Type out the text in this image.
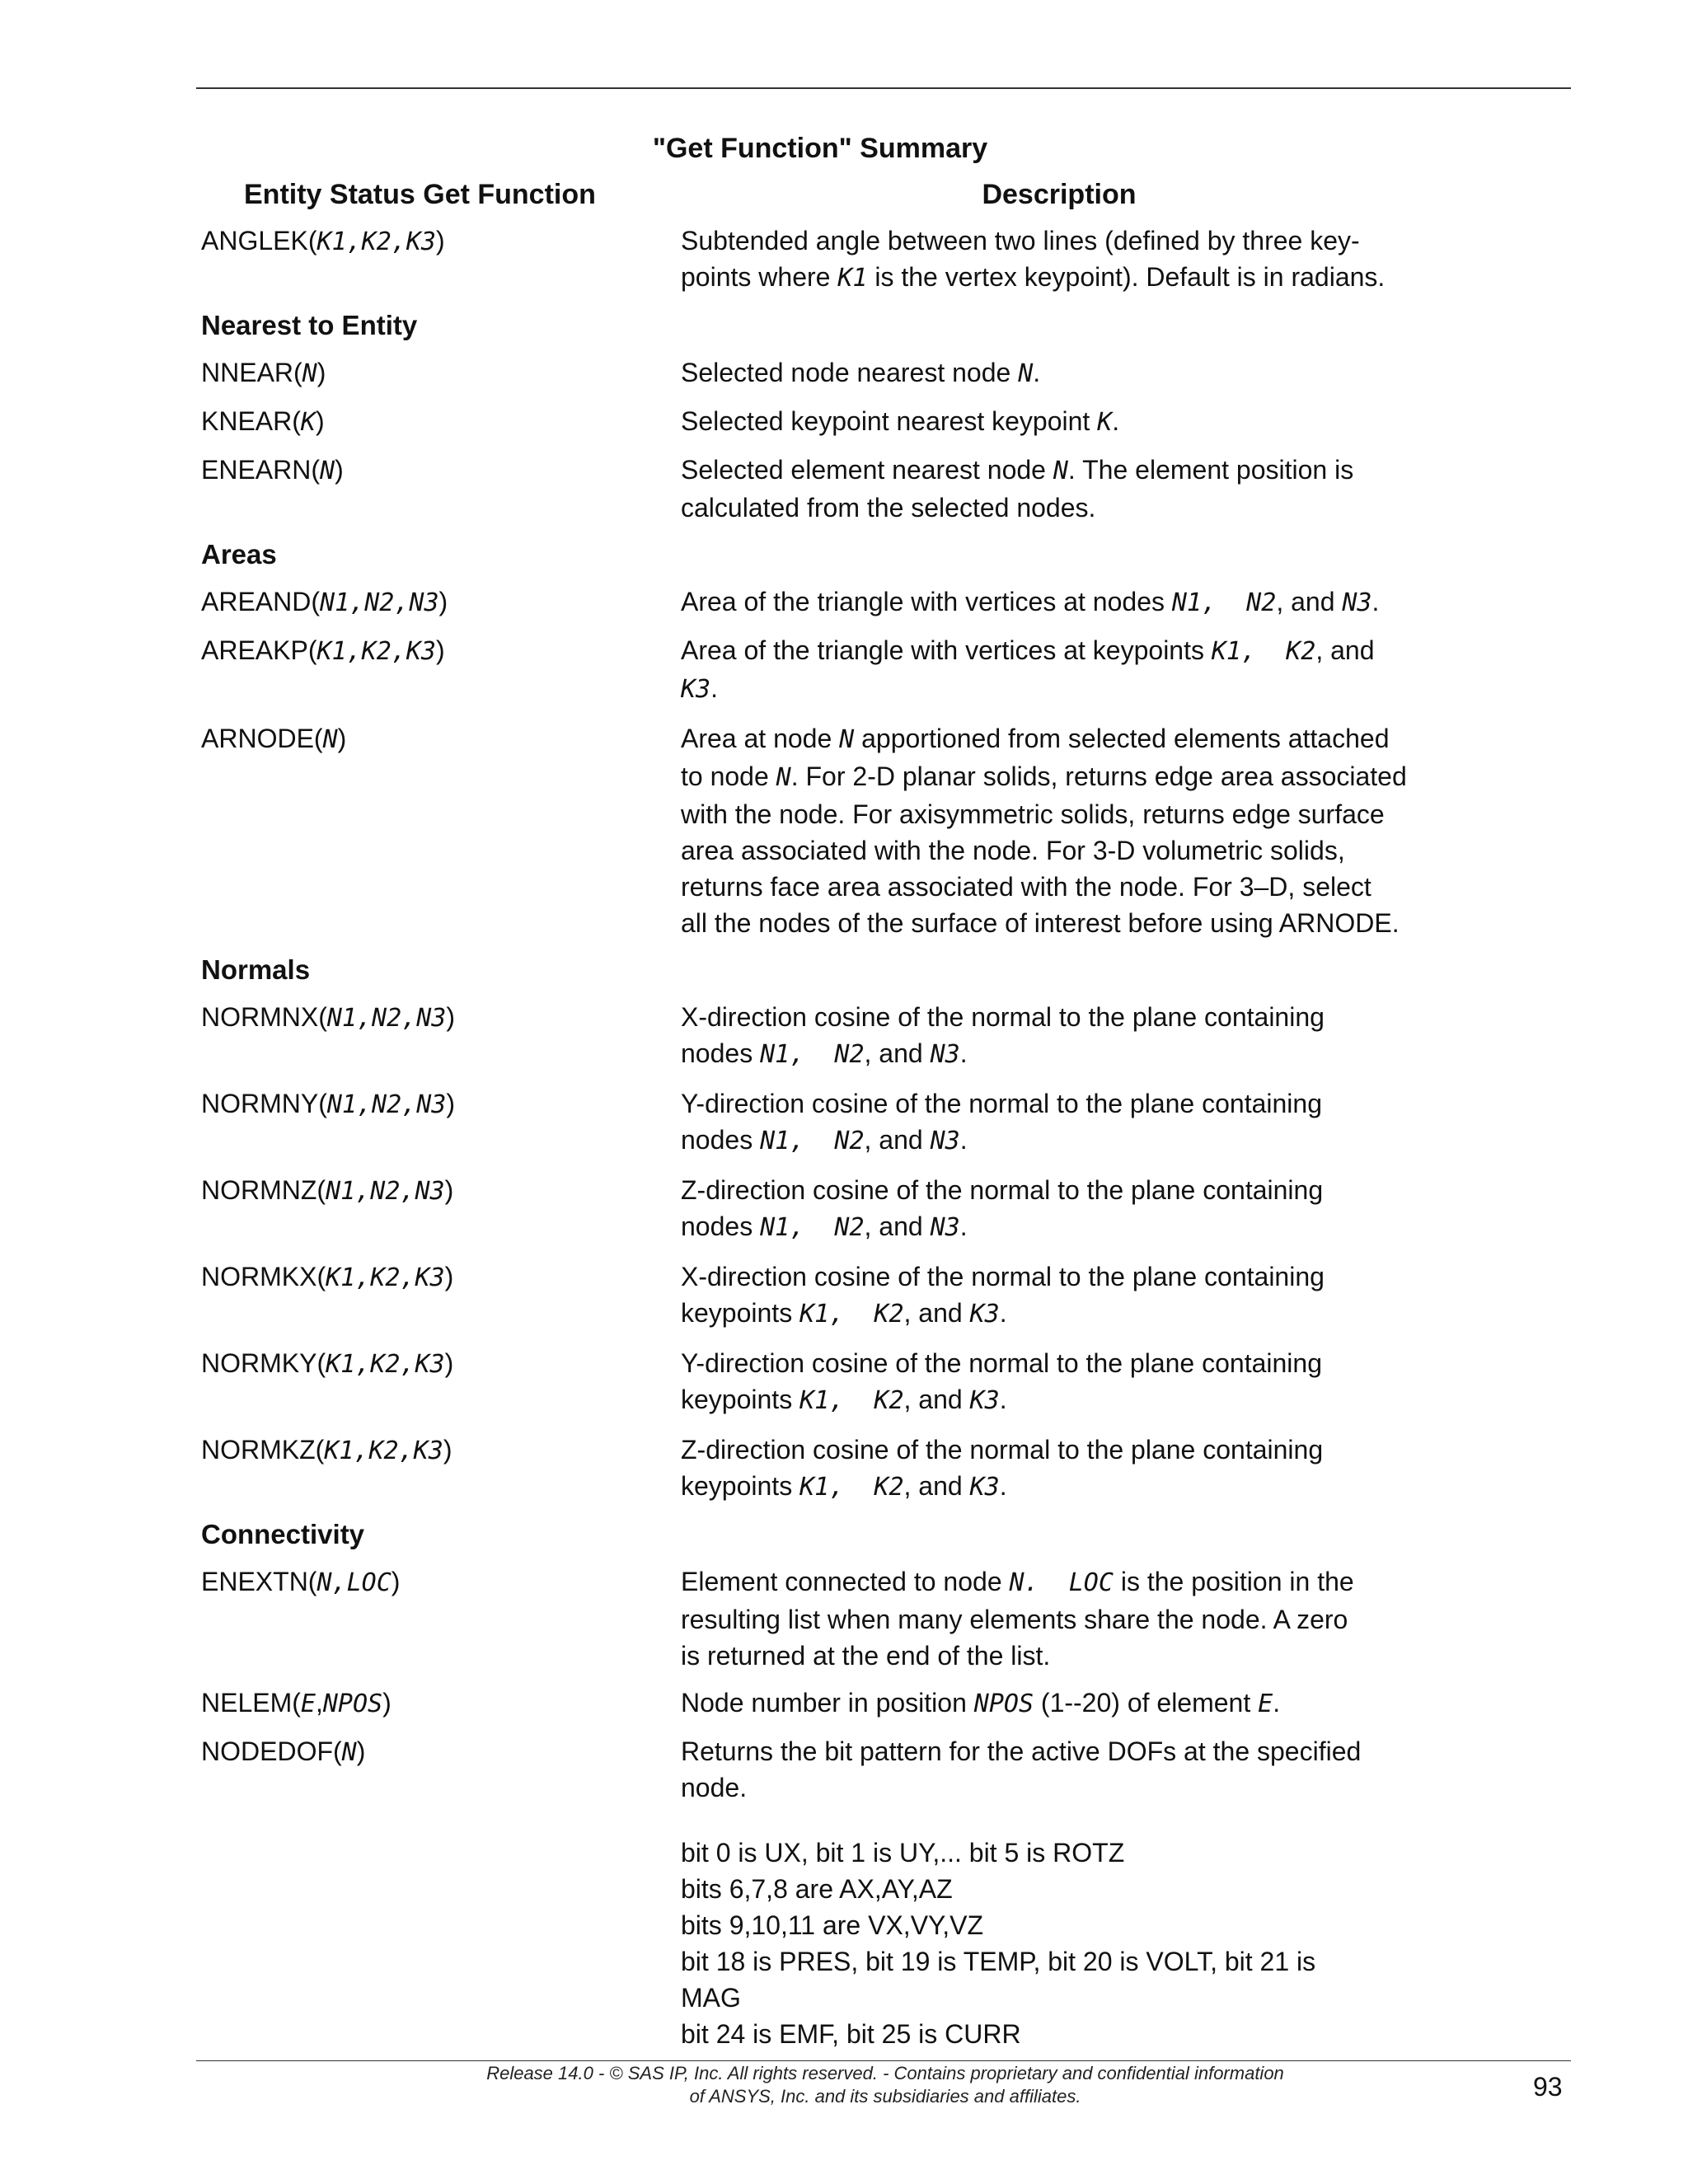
"Get Function" Summary
Entity Status Get Function	Description
ANGLEK(K1,K2,K3)	Subtended angle between two lines (defined by three key-
points where K1 is the vertex keypoint). Default is in radians.
Nearest to Entity
NNEAR(N)	Selected node nearest node N.
KNEAR(K)	Selected keypoint nearest keypoint K.
ENEARN(N)	Selected element nearest node N. The element position is
calculated from the selected nodes.
Areas
AREAND(N1,N2,N3)	Area of the triangle with vertices at nodes N1,  N2, and N3.
AREAKP(K1,K2,K3)	Area of the triangle with vertices at keypoints K1,  K2, and
K3.
ARNODE(N)	Area at node N apportioned from selected elements attached
to node N. For 2-D planar solids, returns edge area associated
with the node. For axisymmetric solids, returns edge surface
area associated with the node. For 3-D volumetric solids,
returns face area associated with the node. For 3–D, select
all the nodes of the surface of interest before using ARNODE.
Normals
NORMNX(N1,N2,N3)	X-direction cosine of the normal to the plane containing
nodes N1,  N2, and N3.
NORMNY(N1,N2,N3)	Y-direction cosine of the normal to the plane containing
nodes N1,  N2, and N3.
NORMNZ(N1,N2,N3)	Z-direction cosine of the normal to the plane containing
nodes N1,  N2, and N3.
NORMKX(K1,K2,K3)	X-direction cosine of the normal to the plane containing
keypoints K1,  K2, and K3.
NORMKY(K1,K2,K3)	Y-direction cosine of the normal to the plane containing
keypoints K1,  K2, and K3.
NORMKZ(K1,K2,K3)	Z-direction cosine of the normal to the plane containing
keypoints K1,  K2, and K3.
Connectivity
ENEXTN(N,LOC)	Element connected to node N.  LOC is the position in the
resulting list when many elements share the node. A zero
is returned at the end of the list.
NELEM(E,NPOS)	Node number in position NPOS (1--20) of element E.
NODEDOF(N)	Returns the bit pattern for the active DOFs at the specified
node.
bit 0 is UX, bit 1 is UY,... bit 5 is ROTZ
bits 6,7,8 are AX,AY,AZ
bits 9,10,11 are VX,VY,VZ
bit 18 is PRES, bit 19 is TEMP, bit 20 is VOLT, bit 21 is
MAG
bit 24 is EMF, bit 25 is CURR
Release 14.0 - © SAS IP, Inc. All rights reserved. - Contains proprietary and confidential information
of ANSYS, Inc. and its subsidiaries and affiliates.	93
